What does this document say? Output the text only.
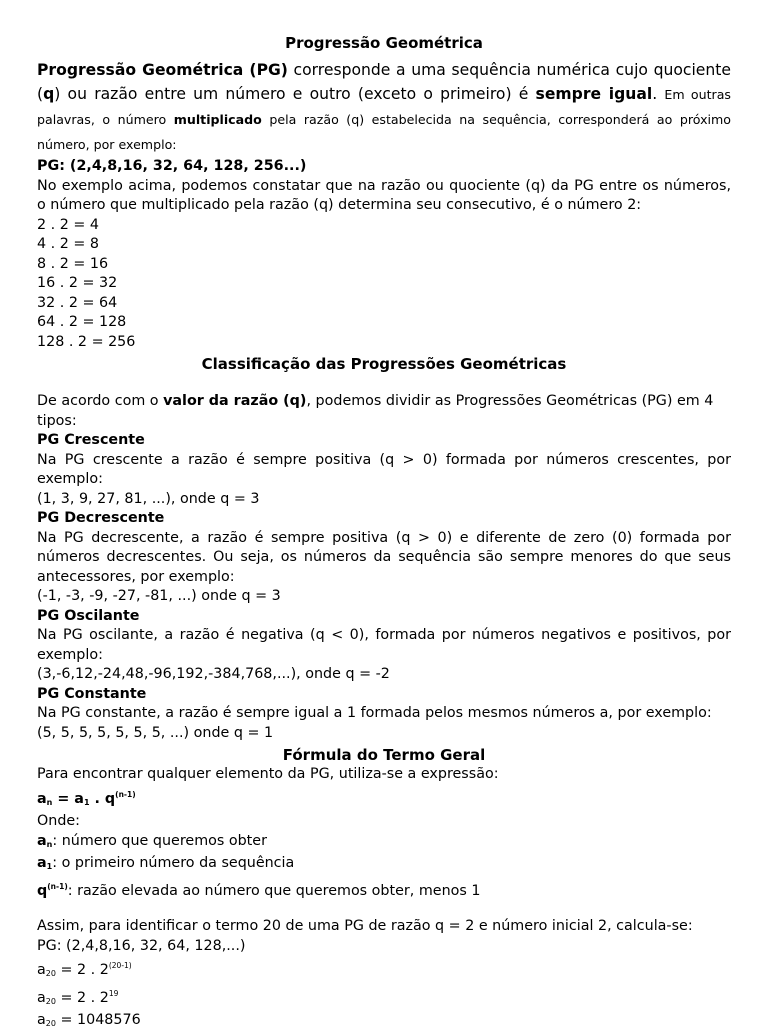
Progressão Geométrica

Progressão Geométrica (PG) corresponde a uma sequência numérica cujo quociente (q) ou razão entre um número e outro (exceto o primeiro) é sempre igual. Em outras palavras, o número multiplicado pela razão (q) estabelecida na sequência, corresponderá ao próximo número, por exemplo:

PG: (2,4,8,16, 32, 64, 128, 256...)

No exemplo acima, podemos constatar que na razão ou quociente (q) da PG entre os números, o número que multiplicado pela razão (q) determina seu consecutivo, é o número 2:

2 . 2 = 4

4 . 2 = 8

8 . 2 = 16

16 . 2 = 32

32 . 2 = 64

64 . 2 = 128

128 . 2 = 256

Classificação das Progressões Geométricas

De acordo com o valor da razão (q), podemos dividir as Progressões Geométricas (PG) em 4 tipos:

PG Crescente

Na PG crescente a razão é sempre positiva (q > 0) formada por números crescentes, por exemplo:

(1, 3, 9, 27, 81, ...), onde q = 3

PG Decrescente

Na PG decrescente, a razão é sempre positiva (q > 0) e diferente de zero (0) formada por números decrescentes. Ou seja, os números da sequência são sempre menores do que seus antecessores, por exemplo:

(-1, -3, -9, -27, -81, ...) onde q = 3

PG Oscilante

Na PG oscilante, a razão é negativa (q < 0), formada por números negativos e positivos, por exemplo:

(3,-6,12,-24,48,-96,192,-384,768,...), onde q = -2

PG Constante

Na PG constante, a razão é sempre igual a 1 formada pelos mesmos números a, por exemplo:

(5, 5, 5, 5, 5, 5, 5, ...) onde q = 1

Fórmula do Termo Geral

Para encontrar qualquer elemento da PG, utiliza-se a expressão:

$a_n = a_1$ . $q^{(n-1)}$

Onde:

$a_n$: número que queremos obter

$a_1$: o primeiro número da sequência

$q^{(n-1)}$: razão elevada ao número que queremos obter, menos 1

Assim, para identificar o termo 20 de uma PG de razão q = 2 e número inicial 2, calcula-se:

PG: (2,4,8,16, 32, 64, 128,...)

$a_{20} = 2$ . 2$^{(20-1)}$

$a_{20} = 2$ . $2^{19}$

$a_{20} = 1048576$
